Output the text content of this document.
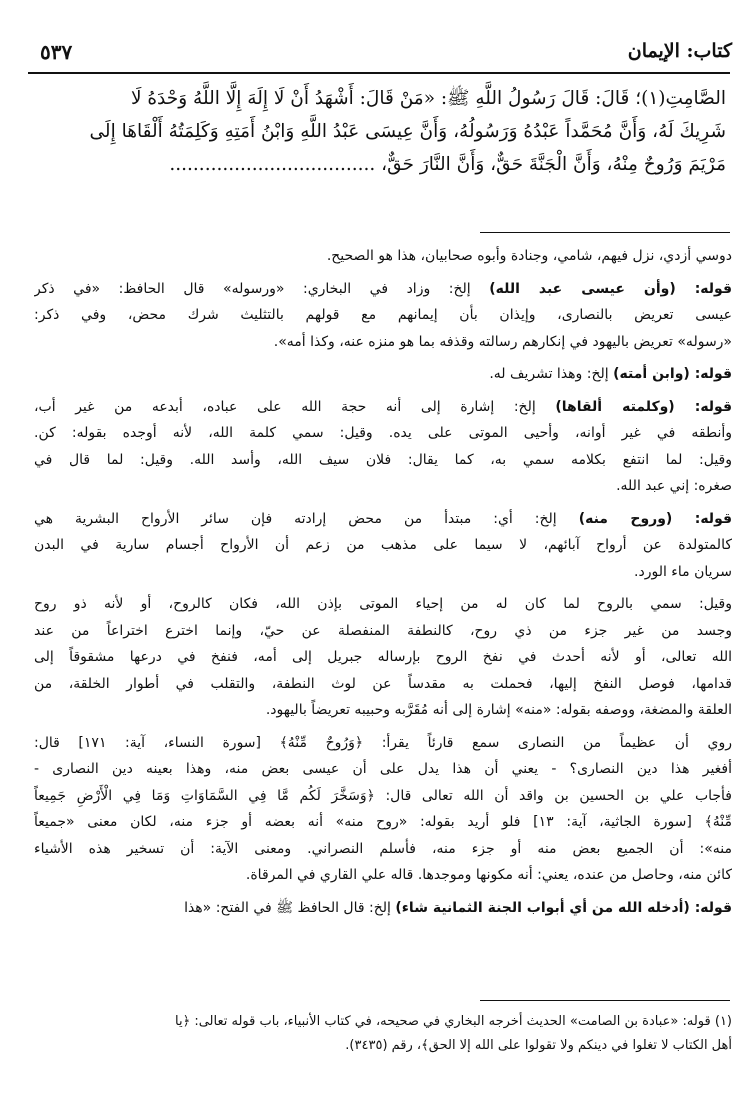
كتاب: الإيمان
٥٣٧
الصَّامِتِ(١)؛ قَالَ: قَالَ رَسُولُ اللَّهِ ﷺ: «مَنْ قَالَ: أَشْهَدُ أَنْ لَا إِلَهَ إِلَّا اللَّهُ وَحْدَهُ لَا
شَرِيكَ لَهُ، وَأَنَّ مُحَمَّداً عَبْدُهُ وَرَسُولُهُ، وَأَنَّ عِيسَى عَبْدُ اللَّهِ وَابْنُ أَمَتِهِ وَكَلِمَتُهُ أَلْقَاهَا إِلَى
مَرْيَمَ وَرُوحٌ مِنْهُ، وَأَنَّ الْجَنَّةَ حَقٌّ، وَأَنَّ النَّارَ حَقٌّ، ...................................

دوسي أزدي، نزل فيهم، شامي، وجنادة وأبوه صحابيان، هذا هو الصحيح.

قوله: (وأن عيسى عبد الله) إلخ: وزاد في البخاري: «ورسوله» قال الحافظ: «في ذكر
عيسى تعريض بالنصارى، وإيذان بأن إيمانهم مع قولهم بالتثليث شرك محض، وفي ذكر:
«رسوله» تعريض باليهود في إنكارهم رسالته وقذفه بما هو منزه عنه، وكذا أمه».

قوله: (وابن أمته) إلخ: وهذا تشريف له.

قوله: (وكلمته ألقاها) إلخ: إشارة إلى أنه حجة الله على عباده، أبدعه من غير أب،
وأنطقه في غير أوانه، وأحيى الموتى على يده. وقيل: سمي كلمة الله، لأنه أوجده بقوله: كن.
وقيل: لما انتفع بكلامه سمي به، كما يقال: فلان سيف الله، وأسد الله. وقيل: لما قال في
صغره: إني عبد الله.

قوله: (وروح منه) إلخ: أي: مبتدأ من محض إرادته فإن سائر الأرواح البشرية هي
كالمتولدة عن أرواح آبائهم، لا سيما على مذهب من زعم أن الأرواح أجسام سارية في البدن
سريان ماء الورد.

وقيل: سمي بالروح لما كان له من إحياء الموتى بإذن الله، فكان كالروح، أو لأنه ذو روح
وجسد من غير جزء من ذي روح، كالنطفة المنفصلة عن حيّ، وإنما اخترع اختراعاً من عند
الله تعالى، أو لأنه أحدث في نفخ الروح بإرساله جبريل إلى أمه، فنفخ في درعها مشقوقاً إلى
قدامها، فوصل النفخ إليها، فحملت به مقدساً عن لوث النطفة، والتقلب في أطوار الخلقة، من
العلقة والمضغة، ووصفه بقوله: «منه» إشارة إلى أنه مُقَرَّبه وحبيبه تعريضاً باليهود.

روي أن عظيماً من النصارى سمع قارئاً يقرأ: ﴿وَرُوحٌ مِّنْهُ﴾ [سورة النساء، آية: ١٧١] قال:
أفغير هذا دين النصارى؟ - يعني أن هذا يدل على أن عيسى بعض منه، وهذا بعينه دين النصارى -
فأجاب علي بن الحسين بن واقد أن الله تعالى قال: ﴿وَسَخَّرَ لَكُم مَّا فِي السَّمَاوَاتِ وَمَا فِي الْأَرْضِ جَمِيعاً
مِّنْهُ﴾ [سورة الجاثية، آية: ١٣] فلو أريد بقوله: «روح منه» أنه بعضه أو جزء منه، لكان معنى «جميعاً
منه»: أن الجميع بعض منه أو جزء منه، فأسلم النصراني. ومعنى الآية: أن تسخير هذه الأشياء
كائن منه، وحاصل من عنده، يعني: أنه مكونها وموجدها. قاله علي القاري في المرقاة.

قوله: (أدخله الله من أي أبواب الجنة الثمانية شاء) إلخ: قال الحافظ ﷺ في الفتح: «هذا

(١) قوله: «عبادة بن الصامت» الحديث أخرجه البخاري في صحيحه، في كتاب الأنبياء، باب قوله تعالى: ﴿يا
أهل الكتاب لا تغلوا في دينكم ولا تقولوا على الله إلا الحق﴾، رقم (٣٤٣٥).
